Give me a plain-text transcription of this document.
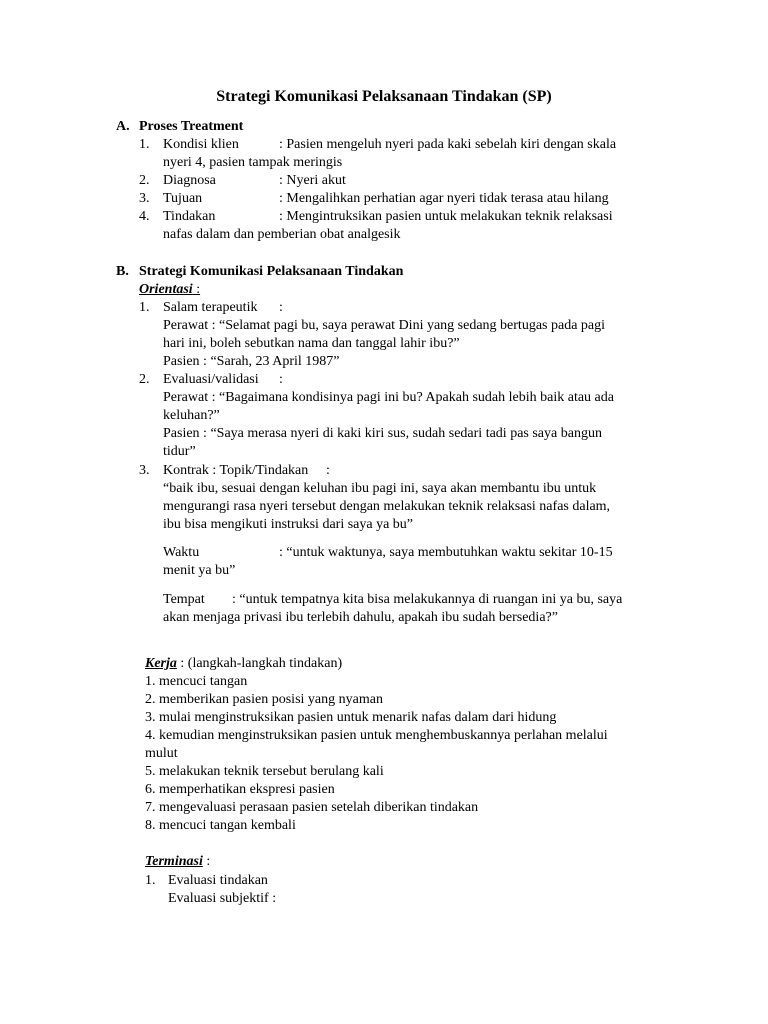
Strategi Komunikasi Pelaksanaan Tindakan (SP)
A. Proses Treatment
1. Kondisi klien	: Pasien mengeluh nyeri pada kaki sebelah kiri dengan skala
nyeri 4, pasien tampak meringis
2. Diagnosa	: Nyeri akut
3. Tujuan	: Mengalihkan perhatian agar nyeri tidak terasa atau hilang
4. Tindakan	: Mengintruksikan pasien untuk melakukan teknik relaksasi
nafas dalam dan pemberian obat analgesik
B. Strategi Komunikasi Pelaksanaan Tindakan
Orientasi :
1. Salam terapeutik :
Perawat : “Selamat pagi bu, saya perawat Dini yang sedang bertugas pada pagi
hari ini, boleh sebutkan nama dan tanggal lahir ibu?”
Pasien : “Sarah, 23 April 1987”
2. Evaluasi/validasi :
Perawat : “Bagaimana kondisinya pagi ini bu? Apakah sudah lebih baik atau ada
keluhan?”
Pasien : “Saya merasa nyeri di kaki kiri sus, sudah sedari tadi pas saya bangun
tidur”
3. Kontrak : Topik/Tindakan :
“baik ibu, sesuai dengan keluhan ibu pagi ini, saya akan membantu ibu untuk
mengurangi rasa nyeri tersebut dengan melakukan teknik relaksasi nafas dalam,
ibu bisa mengikuti instruksi dari saya ya bu”
Waktu	: “untuk waktunya, saya membutuhkan waktu sekitar 10-15
menit ya bu”
Tempat : “untuk tempatnya kita bisa melakukannya di ruangan ini ya bu, saya
akan menjaga privasi ibu terlebih dahulu, apakah ibu sudah bersedia?”
Kerja : (langkah-langkah tindakan)
1. mencuci tangan
2. memberikan pasien posisi yang nyaman
3. mulai menginstruksikan pasien untuk menarik nafas dalam dari hidung
4. kemudian menginstruksikan pasien untuk menghembuskannya perlahan melalui
mulut
5. melakukan teknik tersebut berulang kali
6. memperhatikan ekspresi pasien
7. mengevaluasi perasaan pasien setelah diberikan tindakan
8. mencuci tangan kembali
Terminasi :
1. Evaluasi tindakan
Evaluasi subjektif :
